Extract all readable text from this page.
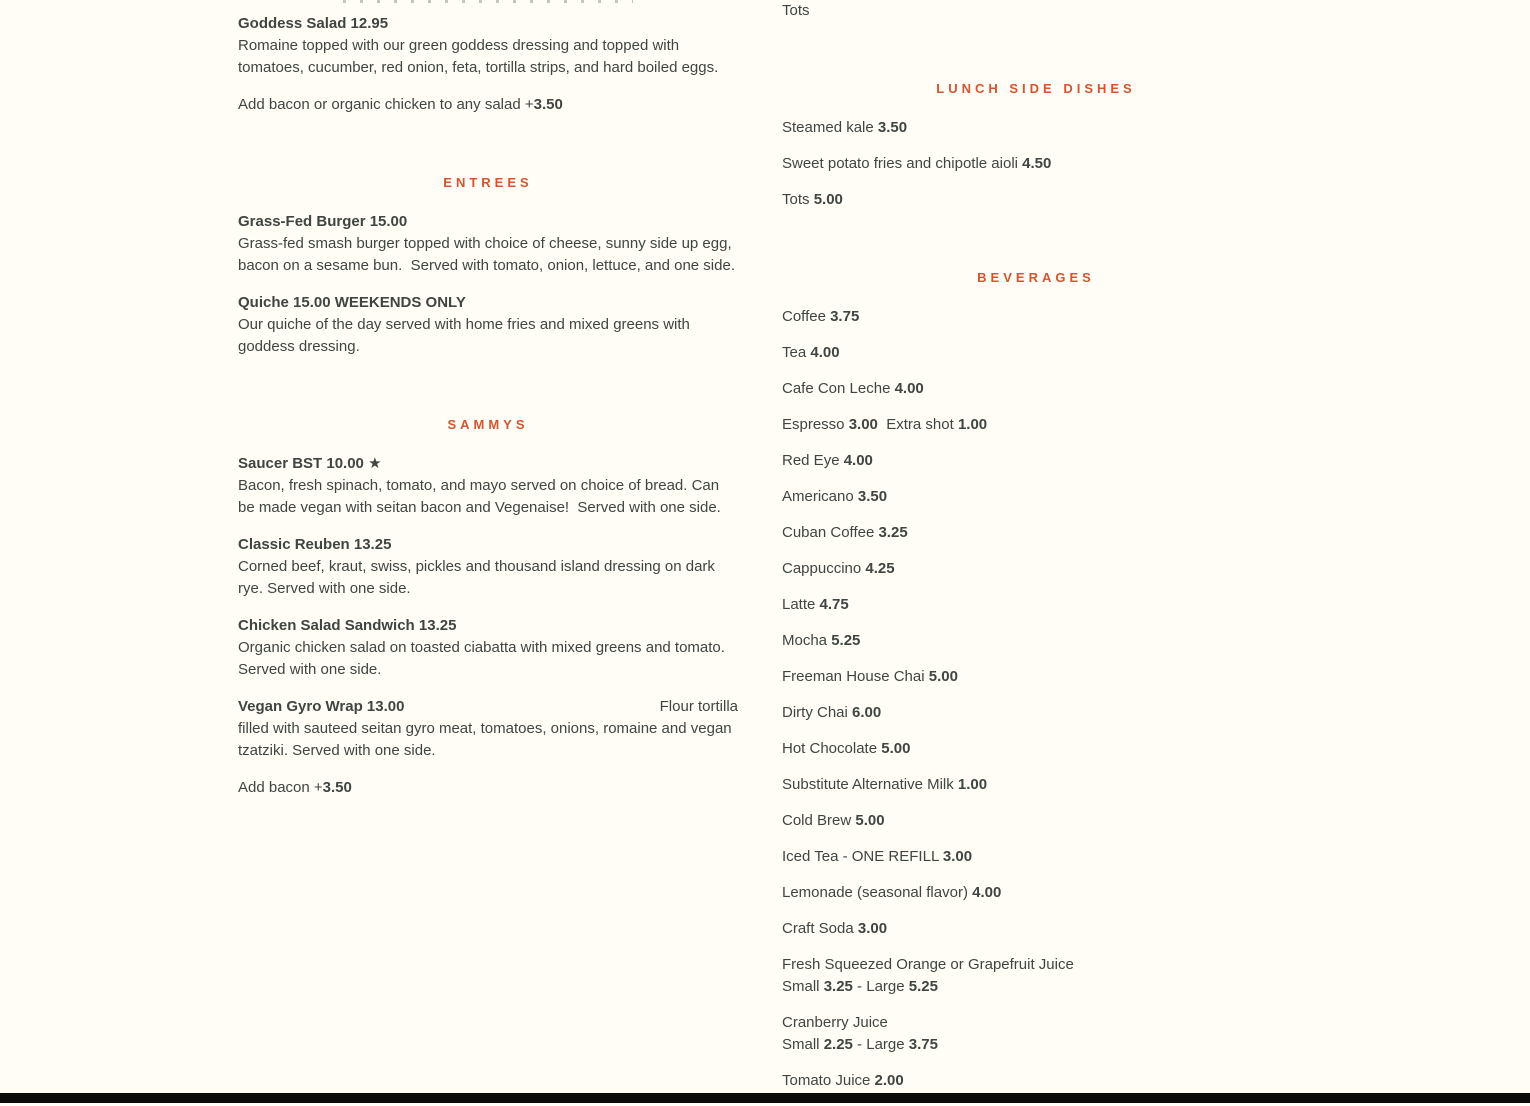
Goddess Salad 12.95
Romaine topped with our green goddess dressing and topped with tomatoes, cucumber, red onion, feta, tortilla strips, and hard boiled eggs.

Add bacon or organic chicken to any salad +3.50

ENTREES
Grass-Fed Burger 15.00
Grass-fed smash burger topped with choice of cheese, sunny side up egg, bacon on a sesame bun.  Served with tomato, onion, lettuce, and one side.
Quiche 15.00 WEEKENDS ONLY
Our quiche of the day served with home fries and mixed greens with goddess dressing.
SAMMYS
Saucer BST 10.00 ★
Bacon, fresh spinach, tomato, and mayo served on choice of bread. Can be made vegan with seitan bacon and Vegenaise!  Served with one side.
Classic Reuben 13.25
Corned beef, kraut, swiss, pickles and thousand island dressing on dark rye. Served with one side.
Chicken Salad Sandwich 13.25
Organic chicken salad on toasted ciabatta with mixed greens and tomato. Served with one side.
Vegan Gyro Wrap 13.00	Flour tortilla
filled with sauteed seitan gyro meat, tomatoes, onions, romaine and vegan tzatziki. Served with one side.

Add bacon +3.50

Tots

LUNCH SIDE DISHES

Steamed kale 3.50

Sweet potato fries and chipotle aioli 4.50

Tots 5.00

BEVERAGES

Coffee 3.75

Tea 4.00

Cafe Con Leche 4.00

Espresso 3.00  Extra shot 1.00

Red Eye 4.00

Americano 3.50

Cuban Coffee 3.25

Cappuccino 4.25

Latte 4.75

Mocha 5.25

Freeman House Chai 5.00

Dirty Chai 6.00

Hot Chocolate 5.00

Substitute Alternative Milk 1.00

Cold Brew 5.00

Iced Tea - ONE REFILL 3.00

Lemonade (seasonal flavor) 4.00

Craft Soda 3.00

Fresh Squeezed Orange or Grapefruit Juice
Small 3.25 - Large 5.25

Cranberry Juice
Small 2.25 - Large 3.75

Tomato Juice 2.00
